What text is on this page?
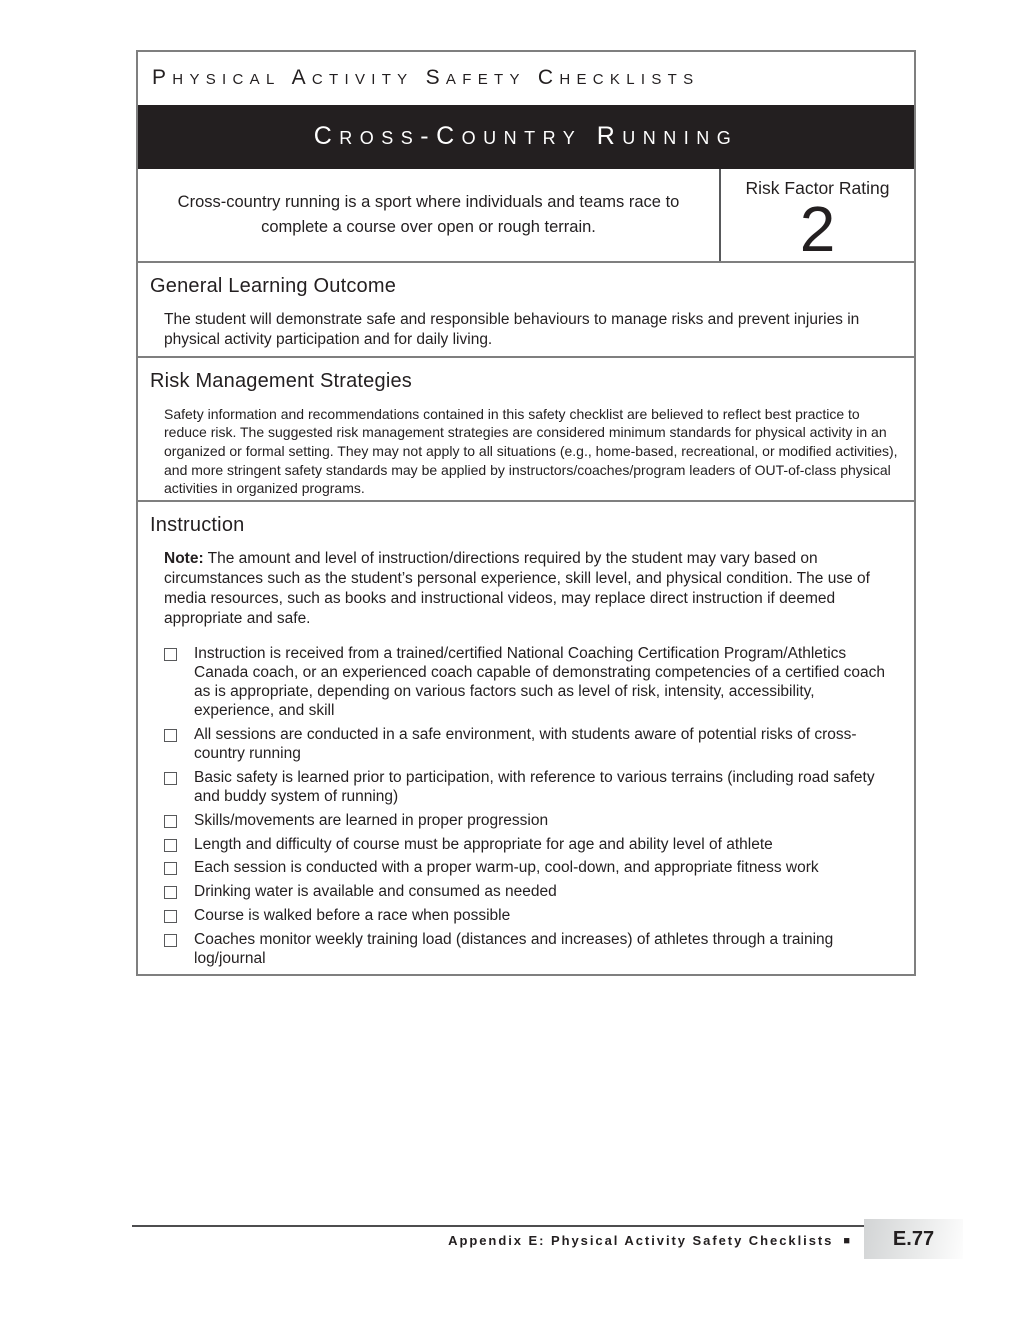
Physical Activity Safety Checklists
Cross-Country Running
Cross-country running is a sport where individuals and teams race to complete a course over open or rough terrain.
Risk Factor Rating
2
General Learning Outcome

The student will demonstrate safe and responsible behaviours to manage risks and prevent injuries in physical activity participation and for daily living.

Risk Management Strategies

Safety information and recommendations contained in this safety checklist are believed to reflect best practice to reduce risk. The suggested risk management strategies are considered minimum standards for physical activity in an organized or formal setting. They may not apply to all situations (e.g., home-based, recreational, or modified activities), and more stringent safety standards may be applied by instructors/coaches/program leaders of OUT-of-class physical activities in organized programs.

Instruction

Note: The amount and level of instruction/directions required by the student may vary based on circumstances such as the student’s personal experience, skill level, and physical condition. The use of media resources, such as books and instructional videos, may replace direct instruction if deemed appropriate and safe.

Instruction is received from a trained/certified National Coaching Certification Program/Athletics Canada coach, or an experienced coach capable of demonstrating competencies of a certified coach as is appropriate, depending on various factors such as level of risk, intensity, accessibility, experience, and skill
All sessions are conducted in a safe environment, with students aware of potential risks of cross-country running
Basic safety is learned prior to participation, with reference to various terrains (including road safety and buddy system of running)
Skills/movements are learned in proper progression
Length and difficulty of course must be appropriate for age and ability level of athlete
Each session is conducted with a proper warm-up, cool-down, and appropriate fitness work
Drinking water is available and consumed as needed
Course is walked before a race when possible
Coaches monitor weekly training load (distances and increases) of athletes through a training log/journal
Appendix E: Physical Activity Safety Checklists ■ E.77
